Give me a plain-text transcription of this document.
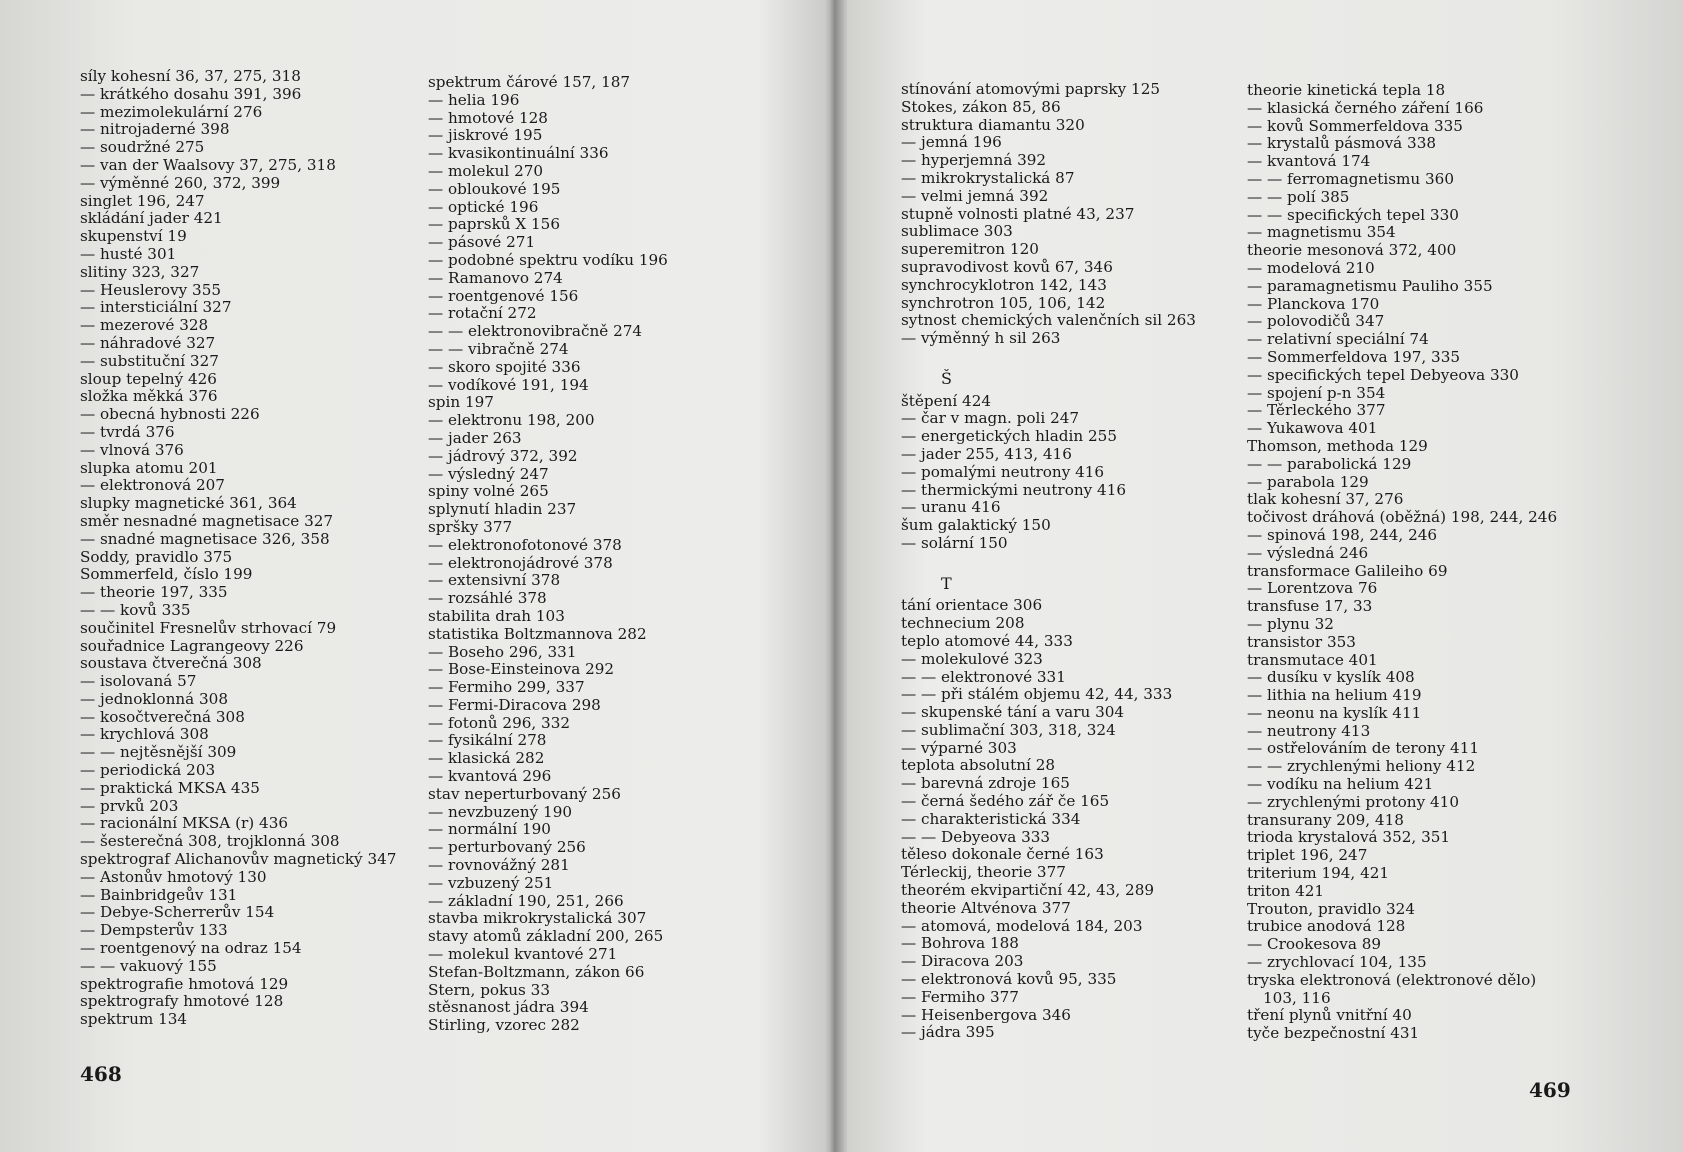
síly kohesní 36, 37, 275, 318
— krátkého dosahu 391, 396
— mezimolekulární 276
— nitrojaderné 398
— soudržné 275
— van der Waalsovy 37, 275, 318
— výměnné 260, 372, 399
singlet 196, 247
skládání jader 421
skupenství 19
— husté 301
slitiny 323, 327
— Heuslerovy 355
— intersticiální 327
— mezerové 328
— náhradové 327
— substituční 327
sloup tepelný 426
složka měkká 376
— obecná hybnosti 226
— tvrdá 376
— vlnová 376
slupka atomu 201
— elektronová 207
slupky magnetické 361, 364
směr nesnadné magnetisace 327
— snadné magnetisace 326, 358
Soddy, pravidlo 375
Sommerfeld, číslo 199
— theorie 197, 335
— — kovů 335
součinitel Fresnelův strhovací 79
souřadnice Lagrangeovy 226
soustava čtverečná 308
— isolovaná 57
— jednoklonná 308
— kosočtverečná 308
— krychlová 308
— — nejtěsnější 309
— periodická 203
— praktická MKSA 435
— prvků 203
— racionální MKSA (r) 436
— šesterečná 308, trojklonná 308
spektrograf Alichanovův magnetický 347
— Astonův hmotový 130
— Bainbridgeův 131
— Debye-Scherrerův 154
— Dempsterův 133
— roentgenový na odraz 154
— — vakuový 155
spektrografie hmotová 129
spektrografy hmotové 128
spektrum 134
spektrum čárové 157, 187
— helia 196
— hmotové 128
— jiskrové 195
— kvasikontinuální 336
— molekul 270
— obloukové 195
— optické 196
— paprsků X 156
— pásové 271
— podobné spektru vodíku 196
— Ramanovo 274
— roentgenové 156
— rotační 272
— — elektronovibračně 274
— — vibračně 274
— skoro spojité 336
— vodíkové 191, 194
spin 197
— elektronu 198, 200
— jader 263
— jádrový 372, 392
— výsledný 247
spiny volné 265
splynutí hladin 237
spršky 377
— elektronofotonové 378
— elektronojádrové 378
— extensivní 378
— rozsáhlé 378
stabilita drah 103
statistika Boltzmannova 282
— Boseho 296, 331
— Bose-Einsteinova 292
— Fermiho 299, 337
— Fermi-Diracova 298
— fotonů 296, 332
— fysikální 278
— klasická 282
— kvantová 296
stav neperturbovaný 256
— nevzbuzený 190
— normální 190
— perturbovaný 256
— rovnovážný 281
— vzbuzený 251
— základní 190, 251, 266
stavba mikrokrystalická 307
stavy atomů základní 200, 265
— molekul kvantové 271
Stefan-Boltzmann, zákon 66
Stern, pokus 33
stěsnanost jádra 394
Stirling, vzorec 282
468
stínování atomovými paprsky 125
Stokes, zákon 85, 86
struktura diamantu 320
— jemná 196
— hyperjemná 392
— mikrokrystalická 87
— velmi jemná 392
stupně volnosti platné 43, 237
sublimace 303
superemitron 120
supravodivost kovů 67, 346
synchrocyklotron 142, 143
synchrotron 105, 106, 142
sytnost chemických valenčních sil 263
— výměnný h sil 263
Š
štěpení 424
— čar v magn. poli 247
— energetických hladin 255
— jader 255, 413, 416
— pomalými neutrony 416
— thermickými neutrony 416
— uranu 416
šum galaktický 150
— solární 150
T
tání orientace 306
technecium 208
teplo atomové 44, 333
— molekulové 323
— — elektronové 331
— — při stálém objemu 42, 44, 333
— skupenské tání a varu 304
— sublimační 303, 318, 324
— výparné 303
teplota absolutní 28
— barevná zdroje 165
— černá šedého zář če 165
— charakteristická 334
— — Debyeova 333
těleso dokonale černé 163
Térleckij, theorie 377
theorém ekvipartiční 42, 43, 289
theorie Altvénova 377
— atomová, modelová 184, 203
— Bohrova 188
— Diracova 203
— elektronová kovů 95, 335
— Fermiho 377
— Heisenbergova 346
— jádra 395
theorie kinetická tepla 18
— klasická černého záření 166
— kovů Sommerfeldova 335
— krystalů pásmová 338
— kvantová 174
— — ferromagnetismu 360
— — polí 385
— — specifických tepel 330
— magnetismu 354
theorie mesonová 372, 400
— modelová 210
— paramagnetismu Pauliho 355
— Planckova 170
— polovodičů 347
— relativní speciální 74
— Sommerfeldova 197, 335
— specifických tepel Debyeova 330
— spojení p-n 354
— Těrleckého 377
— Yukawova 401
Thomson, methoda 129
— — parabolická 129
— parabola 129
tlak kohesní 37, 276
točivost dráhová (oběžná) 198, 244, 246
— spinová 198, 244, 246
— výsledná 246
transformace Galileiho 69
— Lorentzova 76
transfuse 17, 33
— plynu 32
transistor 353
transmutace 401
— dusíku v kyslík 408
— lithia na helium 419
— neonu na kyslík 411
— neutrony 413
— ostřelováním de terony 411
— — zrychlenými heliony 412
— vodíku na helium 421
— zrychlenými protony 410
transurany 209, 418
trioda krystalová 352, 351
triplet 196, 247
triterium 194, 421
triton 421
Trouton, pravidlo 324
trubice anodová 128
— Crookesova 89
— zrychlovací 104, 135
tryska elektronová (elektronové dělo)
103, 116
tření plynů vnitřní 40
tyče bezpečnostní 431
469
